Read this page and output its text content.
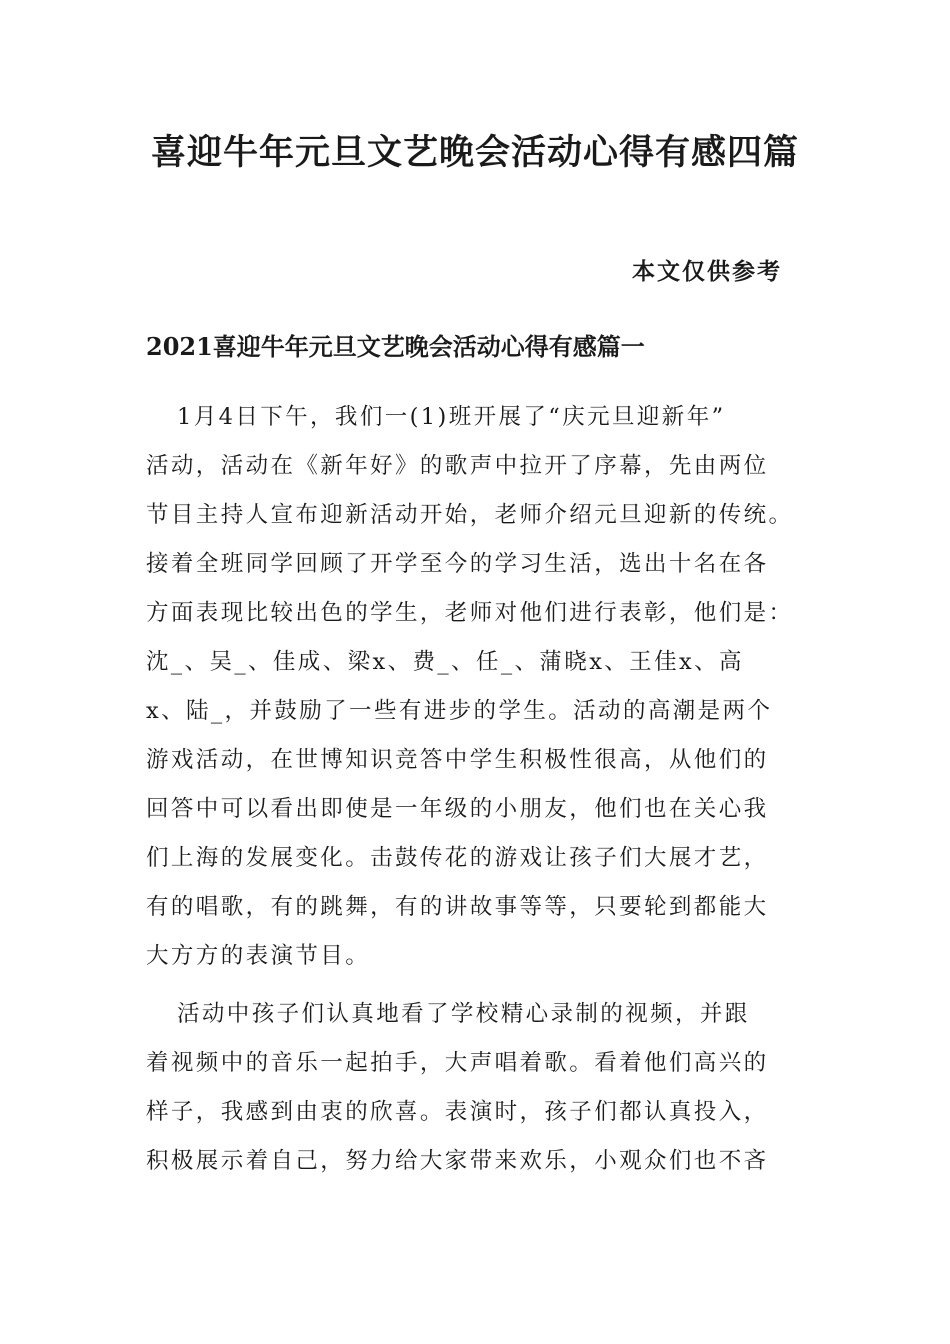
喜迎牛年元旦文艺晚会活动心得有感四篇
本文仅供参考
2021喜迎牛年元旦文艺晚会活动心得有感篇一
1月4日下午，我们一(1)班开展了“庆元旦迎新年”
活动，活动在《新年好》的歌声中拉开了序幕，先由两位
节目主持人宣布迎新活动开始，老师介绍元旦迎新的传统。
接着全班同学回顾了开学至今的学习生活，选出十名在各
方面表现比较出色的学生，老师对他们进行表彰，他们是：
沈_、吴_、佳成、梁x、费_、任_、蒲晓x、王佳x、高
x、陆_，并鼓励了一些有进步的学生。活动的高潮是两个
游戏活动，在世博知识竞答中学生积极性很高，从他们的
回答中可以看出即使是一年级的小朋友，他们也在关心我
们上海的发展变化。击鼓传花的游戏让孩子们大展才艺，
有的唱歌，有的跳舞，有的讲故事等等，只要轮到都能大
大方方的表演节目。
活动中孩子们认真地看了学校精心录制的视频，并跟
着视频中的音乐一起拍手，大声唱着歌。看着他们高兴的
样子，我感到由衷的欣喜。表演时，孩子们都认真投入，
积极展示着自己，努力给大家带来欢乐，小观众们也不吝
